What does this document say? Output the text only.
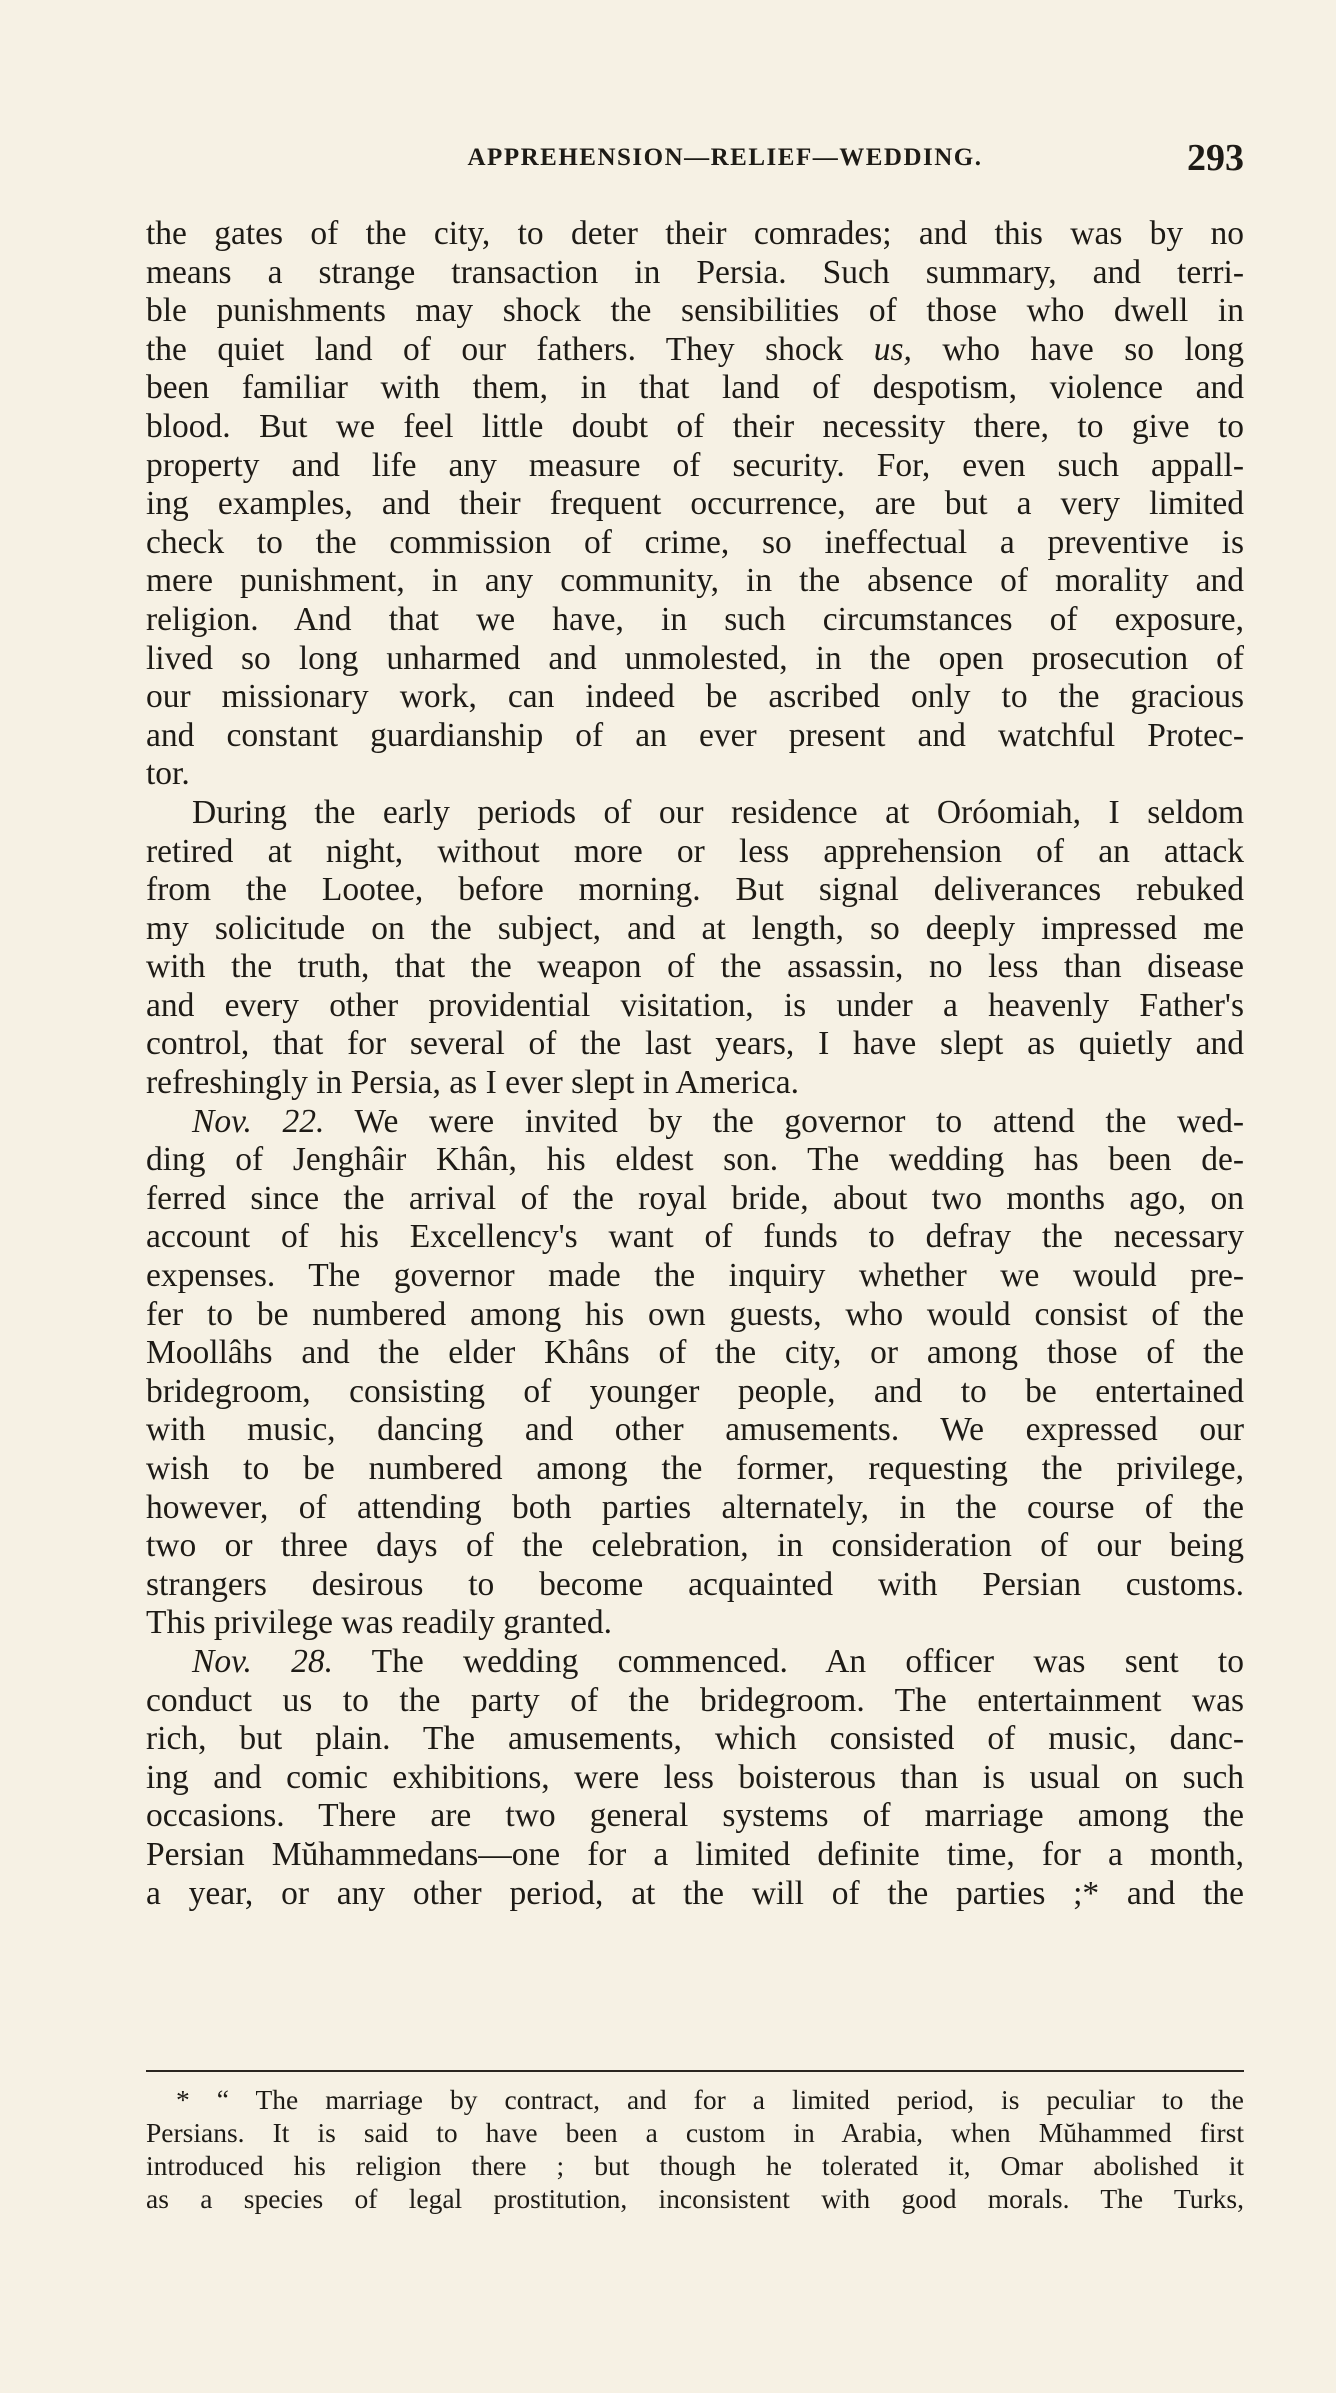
APPREHENSION—RELIEF—WEDDING.	293
the gates of the city, to deter their comrades; and this was by no
means a strange transaction in Persia. Such summary, and terri-
ble punishments may shock the sensibilities of those who dwell in
the quiet land of our fathers. They shock us, who have so long
been familiar with them, in that land of despotism, violence and
blood. But we feel little doubt of their necessity there, to give to
property and life any measure of security. For, even such appall-
ing examples, and their frequent occurrence, are but a very limited
check to the commission of crime, so ineffectual a preventive is
mere punishment, in any community, in the absence of morality and
religion. And that we have, in such circumstances of exposure,
lived so long unharmed and unmolested, in the open prosecution of
our missionary work, can indeed be ascribed only to the gracious
and constant guardianship of an ever present and watchful Protec-
tor.
During the early periods of our residence at Oróomiah, I seldom
retired at night, without more or less apprehension of an attack
from the Lootee, before morning. But signal deliverances rebuked
my solicitude on the subject, and at length, so deeply impressed me
with the truth, that the weapon of the assassin, no less than disease
and every other providential visitation, is under a heavenly Father's
control, that for several of the last years, I have slept as quietly and
refreshingly in Persia, as I ever slept in America.
Nov. 22. We were invited by the governor to attend the wed-
ding of Jenghâir Khân, his eldest son. The wedding has been de-
ferred since the arrival of the royal bride, about two months ago, on
account of his Excellency's want of funds to defray the necessary
expenses. The governor made the inquiry whether we would pre-
fer to be numbered among his own guests, who would consist of the
Moollâhs and the elder Khâns of the city, or among those of the
bridegroom, consisting of younger people, and to be entertained
with music, dancing and other amusements. We expressed our
wish to be numbered among the former, requesting the privilege,
however, of attending both parties alternately, in the course of the
two or three days of the celebration, in consideration of our being
strangers desirous to become acquainted with Persian customs.
This privilege was readily granted.
Nov. 28. The wedding commenced. An officer was sent to
conduct us to the party of the bridegroom. The entertainment was
rich, but plain. The amusements, which consisted of music, danc-
ing and comic exhibitions, were less boisterous than is usual on such
occasions. There are two general systems of marriage among the
Persian Mŭhammedans—one for a limited definite time, for a month,
a year, or any other period, at the will of the parties ;* and the
* “ The marriage by contract, and for a limited period, is peculiar to the
Persians. It is said to have been a custom in Arabia, when Mŭhammed first
introduced his religion there ; but though he tolerated it, Omar abolished it
as a species of legal prostitution, inconsistent with good morals. The Turks,
